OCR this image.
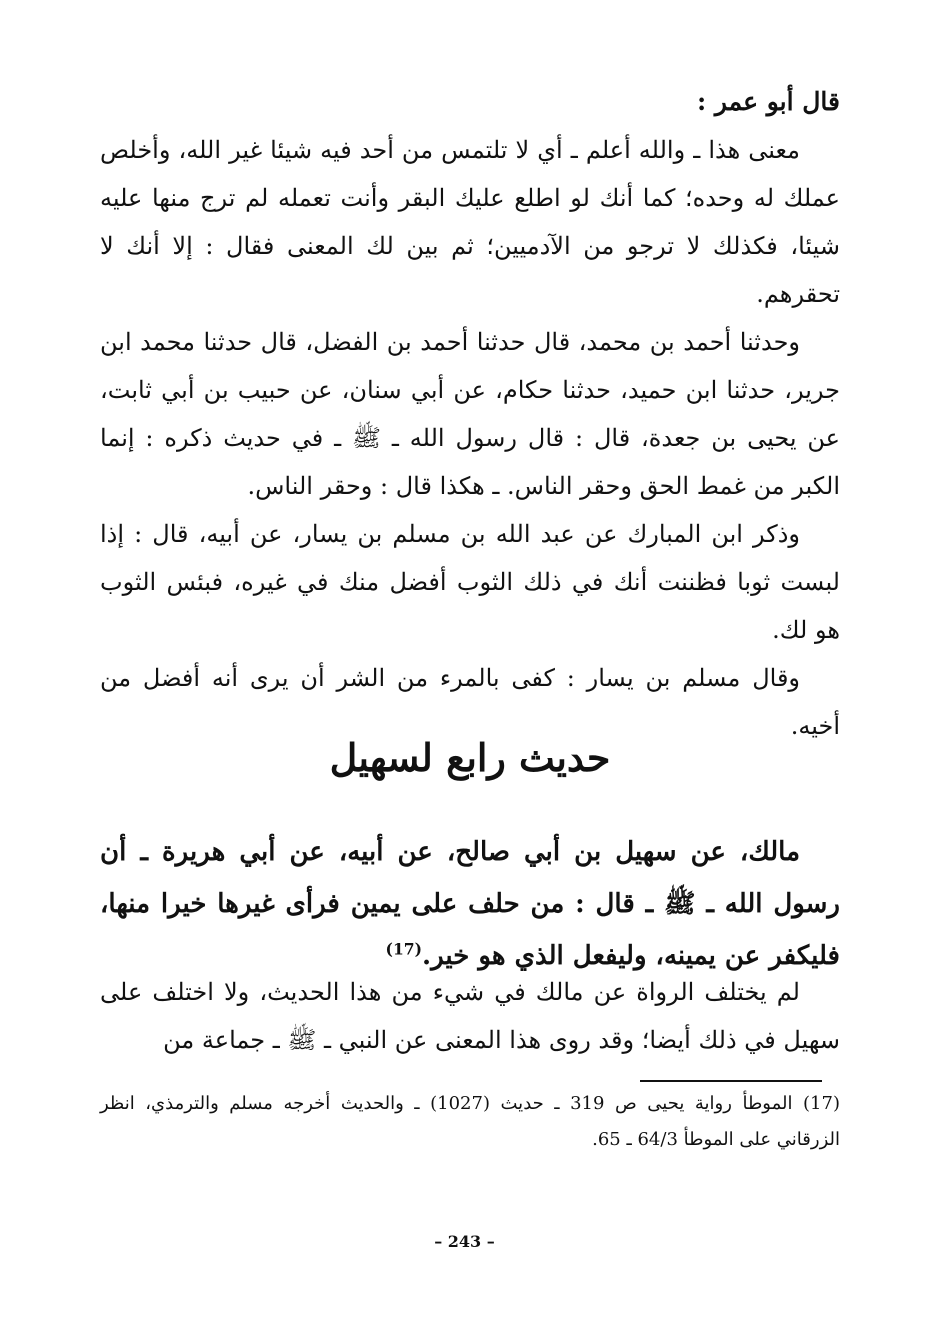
قال أبو عمر :

معنى هذا ـ والله أعلم ـ أي لا تلتمس من أحد فيه شيئا غير الله، وأخلص عملك له وحده؛ كما أنك لو اطلع عليك البقر وأنت تعمله لم ترج منها عليه شيئا، فكذلك لا ترجو من الآدميين؛ ثم بين لك المعنى فقال : إلا أنك لا تحقرهم.

وحدثنا أحمد بن محمد، قال حدثنا أحمد بن الفضل، قال حدثنا محمد ابن جرير، حدثنا ابن حميد، حدثنا حكام، عن أبي سنان، عن حبيب بن أبي ثابت، عن يحيى بن جعدة، قال : قال رسول الله ـ ﷺ ـ في حديث ذكره : إنما الكبر من غمط الحق وحقر الناس. ـ هكذا قال : وحقر الناس.

وذكر ابن المبارك عن عبد الله بن مسلم بن يسار، عن أبيه، قال : إذا لبست ثوبا فظننت أنك في ذلك الثوب أفضل منك في غيره، فبئس الثوب هو لك.

وقال مسلم بن يسار : كفى بالمرء من الشر أن يرى أنه أفضل من أخيه.

حديث رابع لسهيل

مالك، عن سهيل بن أبي صالح، عن أبيه، عن أبي هريرة ـ أن رسول الله ـ ﷺ ـ قال : من حلف على يمين فرأى غيرها خيرا منها، فليكفر عن يمينه، وليفعل الذي هو خير.$^{(17)}$

لم يختلف الرواة عن مالك في شيء من هذا الحديث، ولا اختلف على سهيل في ذلك أيضا؛ وقد روى هذا المعنى عن النبي ـ ﷺ ـ جماعة من

(17) الموطأ رواية يحيى ص 319 ـ حديث (1027) ـ والحديث أخرجه مسلم والترمذي، انظر الزرقاني على الموطأ 64/3 ـ 65.
– 243 –
